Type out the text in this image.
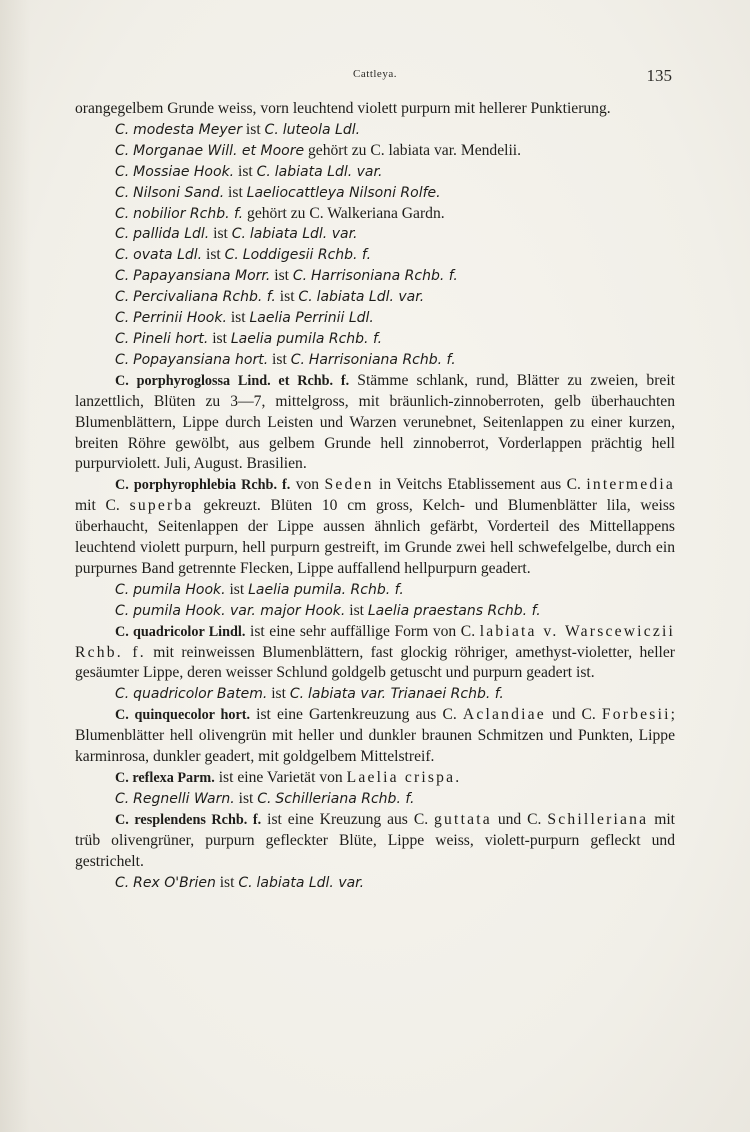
Cattleya.	135

orangegelbem Grunde weiss, vorn leuchtend violett purpurn mit hellerer Punktierung.

C. modesta Meyer ist C. luteola Ldl.

C. Morganae Will. et Moore gehört zu C. labiata var. Mendelii.

C. Mossiae Hook. ist C. labiata Ldl. var.

C. Nilsoni Sand. ist Laeliocattleya Nilsoni Rolfe.

C. nobilior Rchb. f. gehört zu C. Walkeriana Gardn.

C. pallida Ldl. ist C. labiata Ldl. var.

C. ovata Ldl. ist C. Loddigesii Rchb. f.

C. Papayansiana Morr. ist C. Harrisoniana Rchb. f.

C. Percivaliana Rchb. f. ist C. labiata Ldl. var.

C. Perrinii Hook. ist Laelia Perrinii Ldl.

C. Pineli hort. ist Laelia pumila Rchb. f.

C. Popayansiana hort. ist C. Harrisoniana Rchb. f.

C. porphyroglossa Lind. et Rchb. f. Stämme schlank, rund, Blätter zu zweien, breit lanzettlich, Blüten zu 3—7, mittelgross, mit bräunlich-zinnoberroten, gelb überhauchten Blumenblättern, Lippe durch Leisten und Warzen verunebnet, Seitenlappen zu einer kurzen, breiten Röhre gewölbt, aus gelbem Grunde hell zinnoberrot, Vorderlappen prächtig hell purpurviolett. Juli, August. Brasilien.

C. porphyrophlebia Rchb. f. von Seden in Veitchs Etablissement aus C. intermedia mit C. superba gekreuzt. Blüten 10 cm gross, Kelch- und Blumenblätter lila, weiss überhaucht, Seitenlappen der Lippe aussen ähnlich gefärbt, Vorderteil des Mittellappens leuchtend violett purpurn, hell purpurn gestreift, im Grunde zwei hell schwefelgelbe, durch ein purpurnes Band getrennte Flecken, Lippe auffallend hellpurpurn geadert.

C. pumila Hook. ist Laelia pumila. Rchb. f.

C. pumila Hook. var. major Hook. ist Laelia praestans Rchb. f.

C. quadricolor Lindl. ist eine sehr auffällige Form von C. labiata v. Warscewiczii Rchb. f. mit reinweissen Blumenblättern, fast glockig röhriger, amethyst-violetter, heller gesäumter Lippe, deren weisser Schlund goldgelb getuscht und purpurn geadert ist.

C. quadricolor Batem. ist C. labiata var. Trianaei Rchb. f.

C. quinquecolor hort. ist eine Gartenkreuzung aus C. Aclandiae und C. Forbesii; Blumenblätter hell olivengrün mit heller und dunkler braunen Schmitzen und Punkten, Lippe karminrosa, dunkler geadert, mit goldgelbem Mittelstreif.

C. reflexa Parm. ist eine Varietät von Laelia crispa.

C. Regnelli Warn. ist C. Schilleriana Rchb. f.

C. resplendens Rchb. f. ist eine Kreuzung aus C. guttata und C. Schilleriana mit trüb olivengrüner, purpurn gefleckter Blüte, Lippe weiss, violett-purpurn gefleckt und gestrichelt.

C. Rex O'Brien ist C. labiata Ldl. var.
